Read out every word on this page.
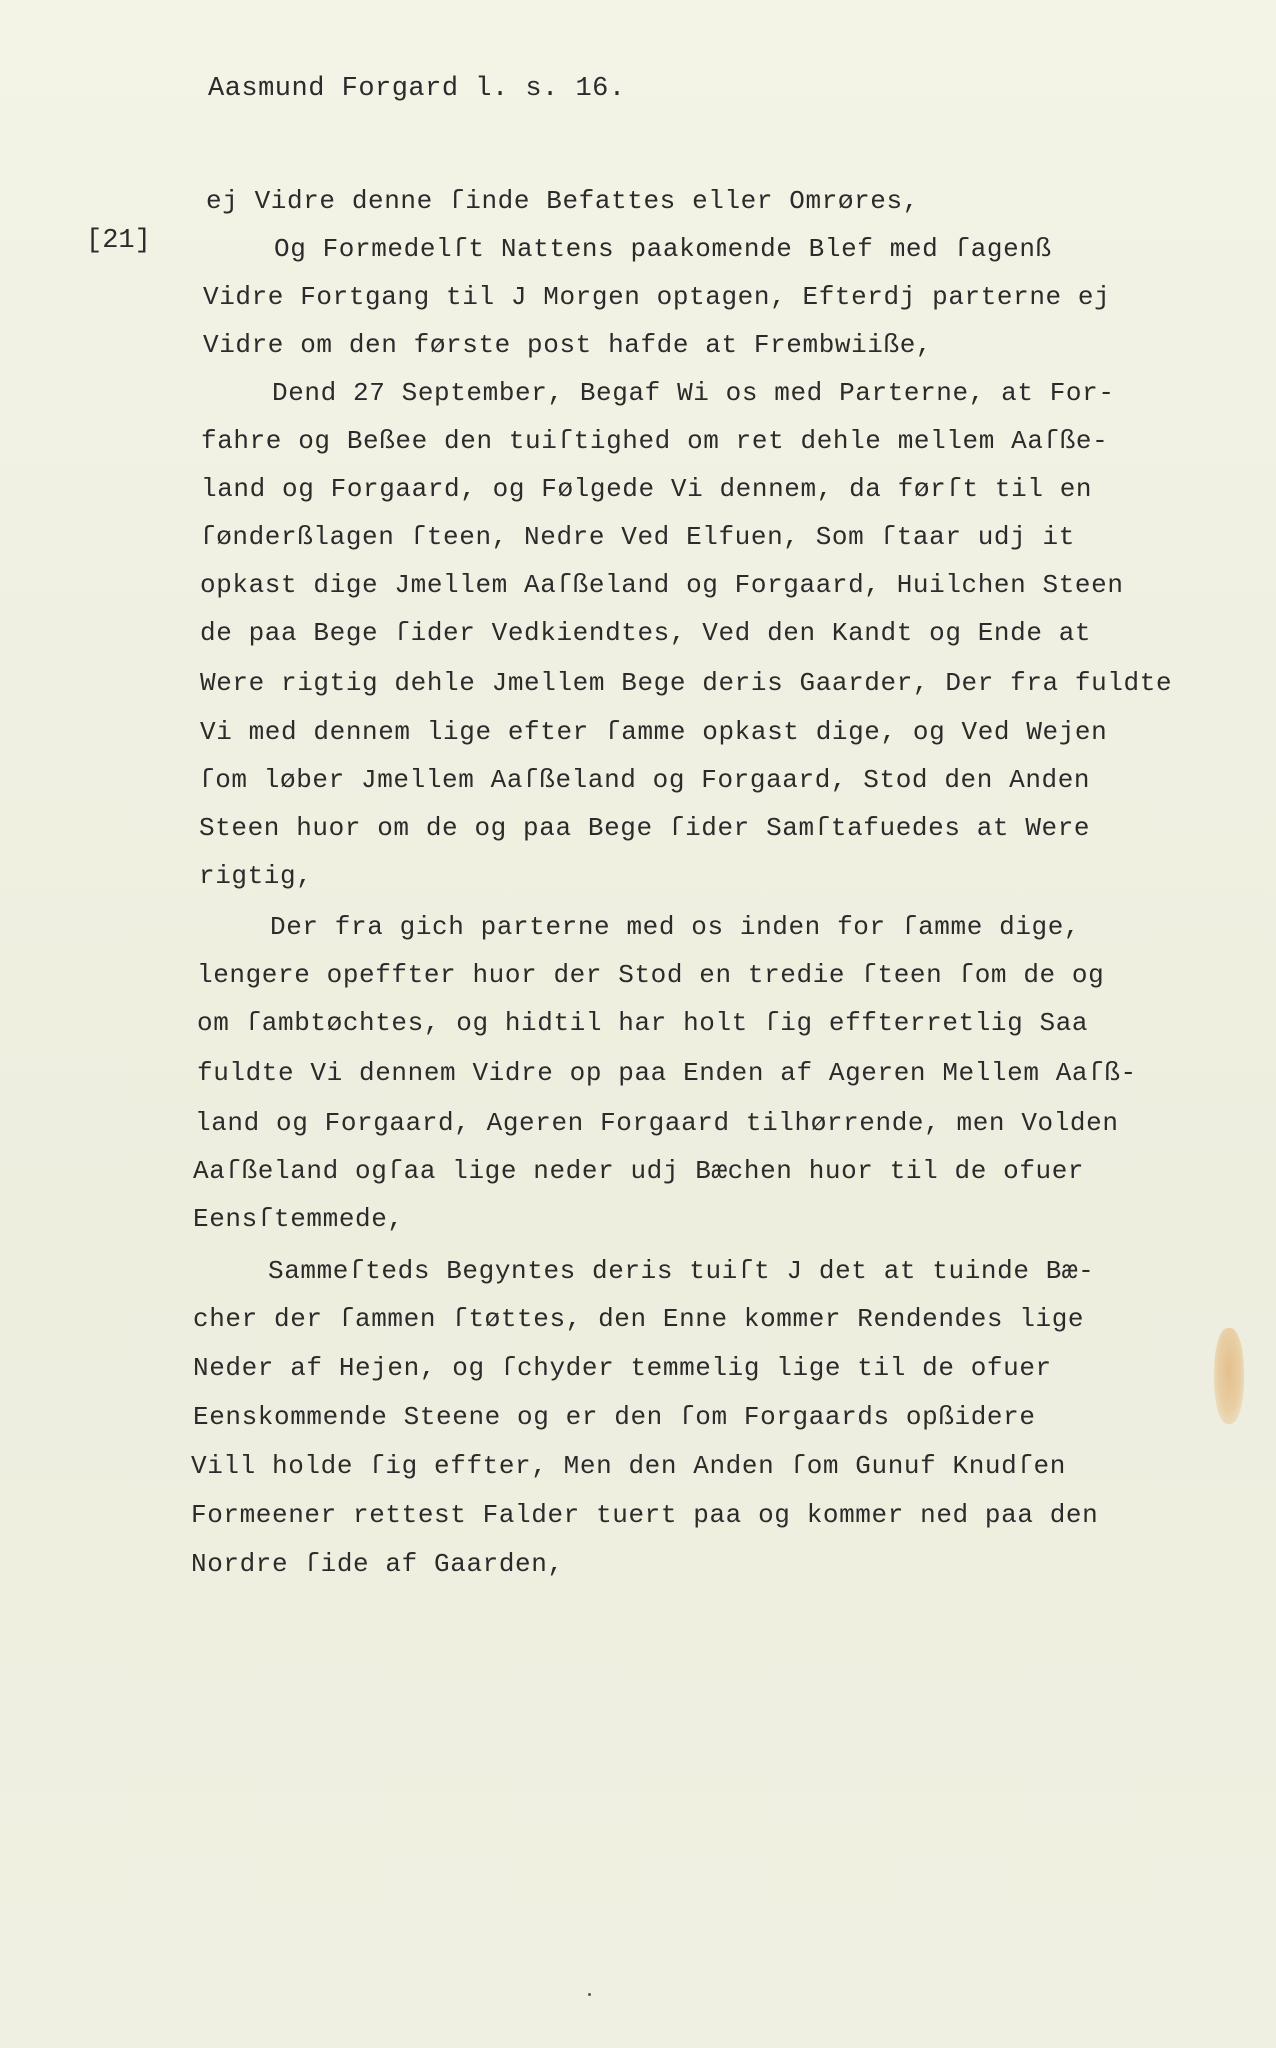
Aasmund Forgard l. s. 16.
[21]
ej Vidre denne ſinde Befattes eller Omrøres,
Og Formedelſt Nattens paakomende Blef med ſagenß
Vidre Fortgang til J Morgen optagen, Efterdj parterne ej
Vidre om den første post hafde at Frembwiiße,
Dend 27 September, Begaf Wi os med Parterne, at For-
fahre og Beßee den tuiſtighed om ret dehle mellem Aaſße-
land og Forgaard, og Følgede Vi dennem, da førſt til en
ſønderßlagen ſteen, Nedre Ved Elfuen, Som ſtaar udj it
opkast dige Jmellem Aaſßeland og Forgaard, Huilchen Steen
de paa Bege ſider Vedkiendtes, Ved den Kandt og Ende at
Were rigtig dehle Jmellem Bege deris Gaarder, Der fra fuldte
Vi med dennem lige efter ſamme opkast dige, og Ved Wejen
ſom løber Jmellem Aaſßeland og Forgaard, Stod den Anden
Steen huor om de og paa Bege ſider Samſtafuedes at Were
rigtig,
Der fra gich parterne med os inden for ſamme dige,
lengere opeffter huor der Stod en tredie ſteen ſom de og
om ſambtøchtes, og hidtil har holt ſig effterretlig Saa
fuldte Vi dennem Vidre op paa Enden af Ageren Mellem Aaſß-
land og Forgaard, Ageren Forgaard tilhørrende, men Volden
Aaſßeland ogſaa lige neder udj Bæchen huor til de ofuer
Eensſtemmede,
Sammeſteds Begyntes deris tuiſt J det at tuinde Bæ-
cher der ſammen ſtøttes, den Enne kommer Rendendes lige
Neder af Hejen, og ſchyder temmelig lige til de ofuer
Eenskommende Steene og er den ſom Forgaards opßidere
Vill holde ſig effter, Men den Anden ſom Gunuf Knudſen
Formeener rettest Falder tuert paa og kommer ned paa den
Nordre ſide af Gaarden,
